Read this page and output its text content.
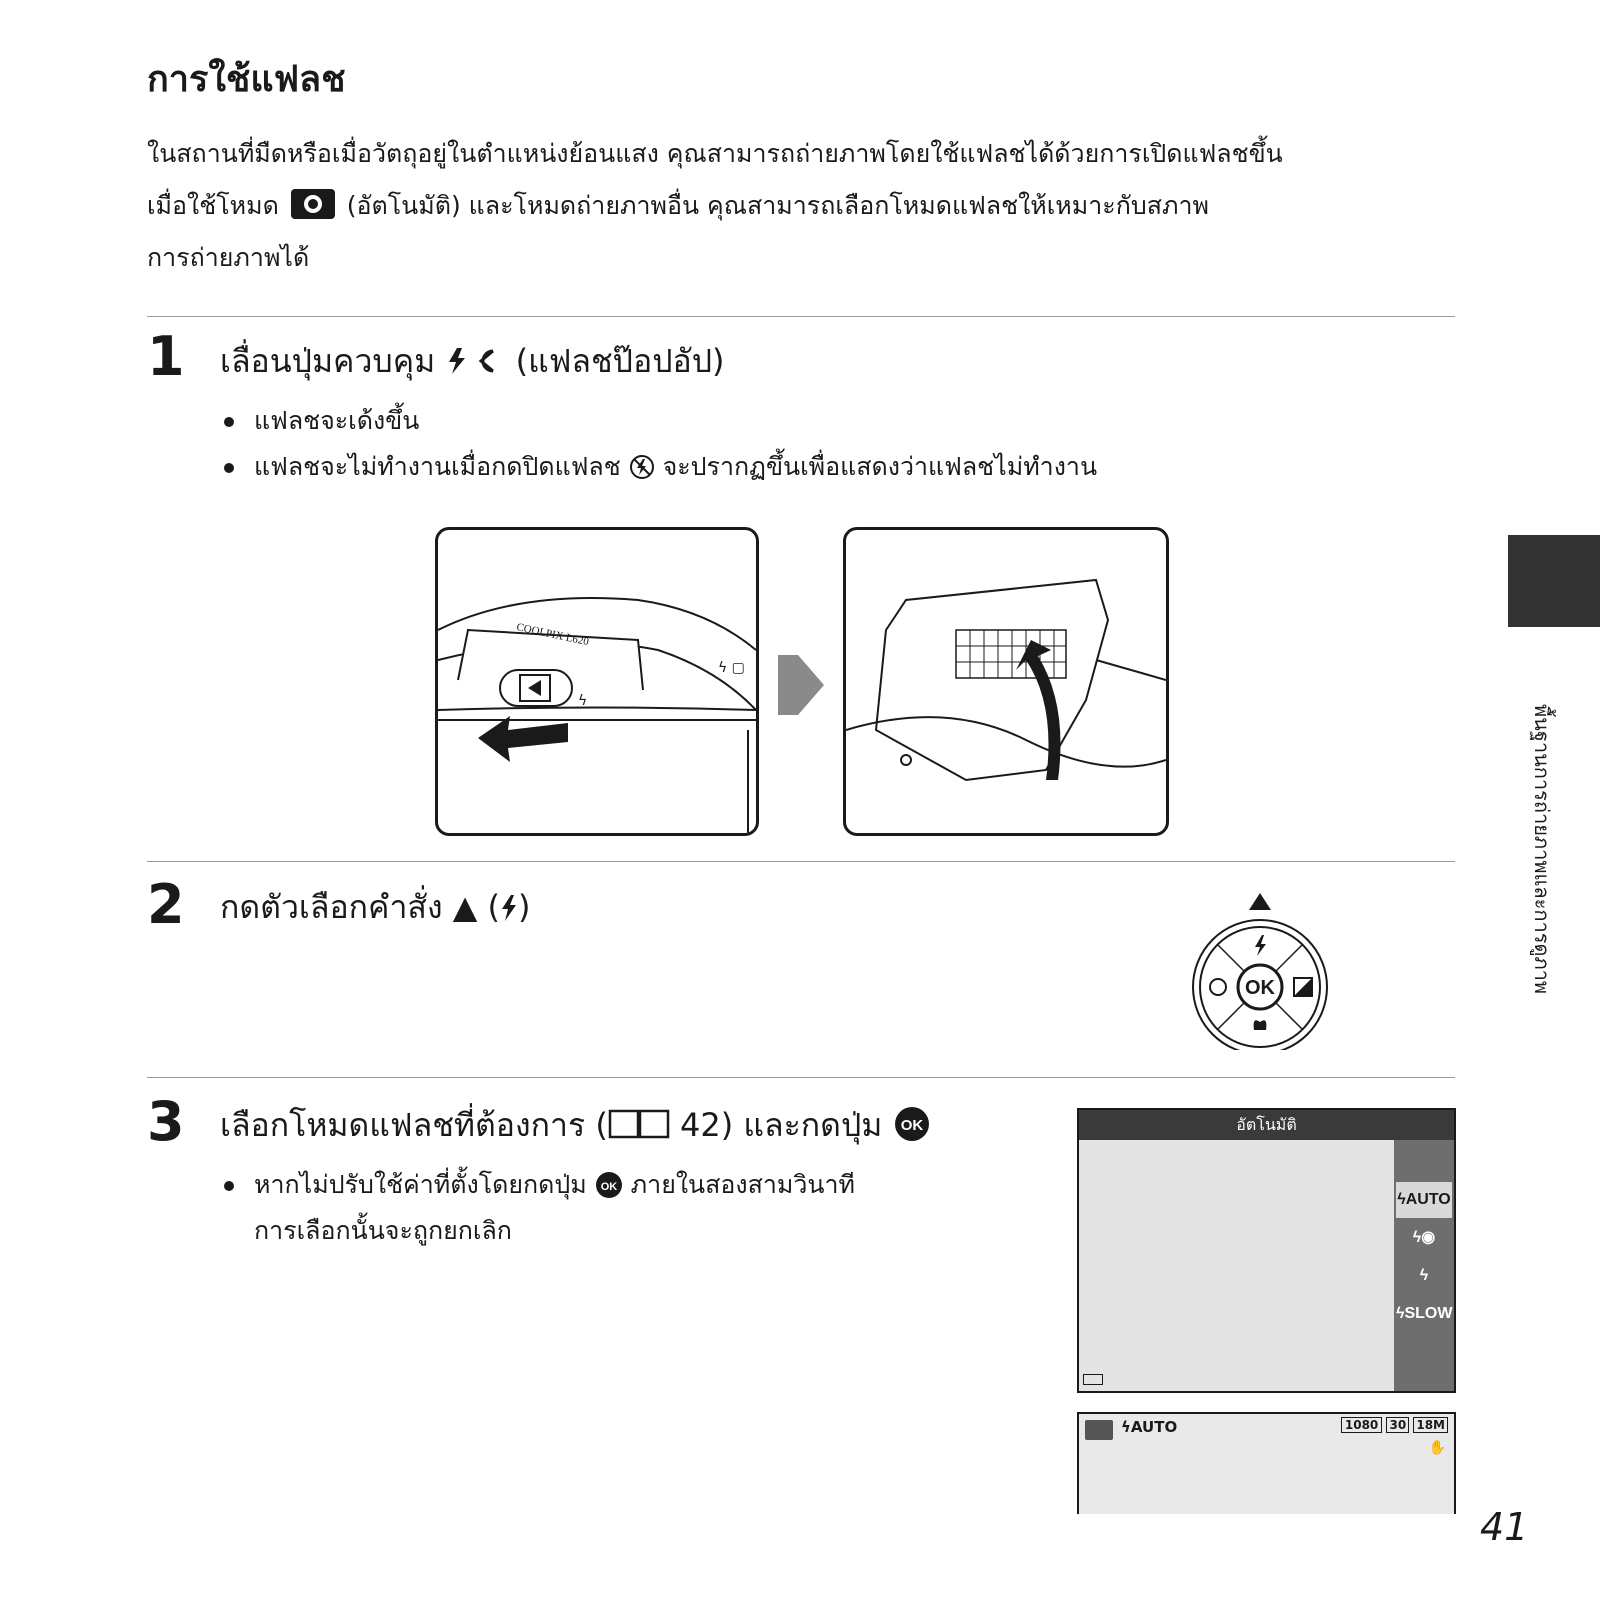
การใช้แฟลช
ในสถานที่มืดหรือเมื่อวัตถุอยู่ในตำแหน่งย้อนแสง คุณสามารถถ่ายภาพโดยใช้แฟลชได้ด้วยการเปิดแฟลชขึ้น
เมื่อใช้โหมด	(อัตโนมัติ) และโหมดถ่ายภาพอื่น คุณสามารถเลือกโหมดแฟลชให้เหมาะกับสภาพ
การถ่ายภาพได้
พื้นฐานการถ่ายภาพและการดูภาพ
1 เลื่อนปุ่มควบคุม	(แฟลชป๊อปอัป)
แฟลชจะเด้งขึ้น
แฟลชจะไม่ทำงานเมื่อกดปิดแฟลช จะปรากฏขึ้นเพื่อแสดงว่าแฟลชไม่ทำงาน
COOLPIX L620
ϟ
ϟ ▢
2 กดตัวเลือกคำสั่ง ▲ ( )
OK
3 เลือกโหมดแฟลชที่ต้องการ ( 42) และกดปุ่ม OK
หากไม่ปรับใช้ค่าที่ตั้งโดยกดปุ่ม OK ภายในสองสามวินาที
การเลือกนั้นจะถูกยกเลิก
อัตโนมัติ
ϟAUTO
ϟ◉
ϟ
ϟSLOW
ϟAUTO	1080 30 18M
✋
41
